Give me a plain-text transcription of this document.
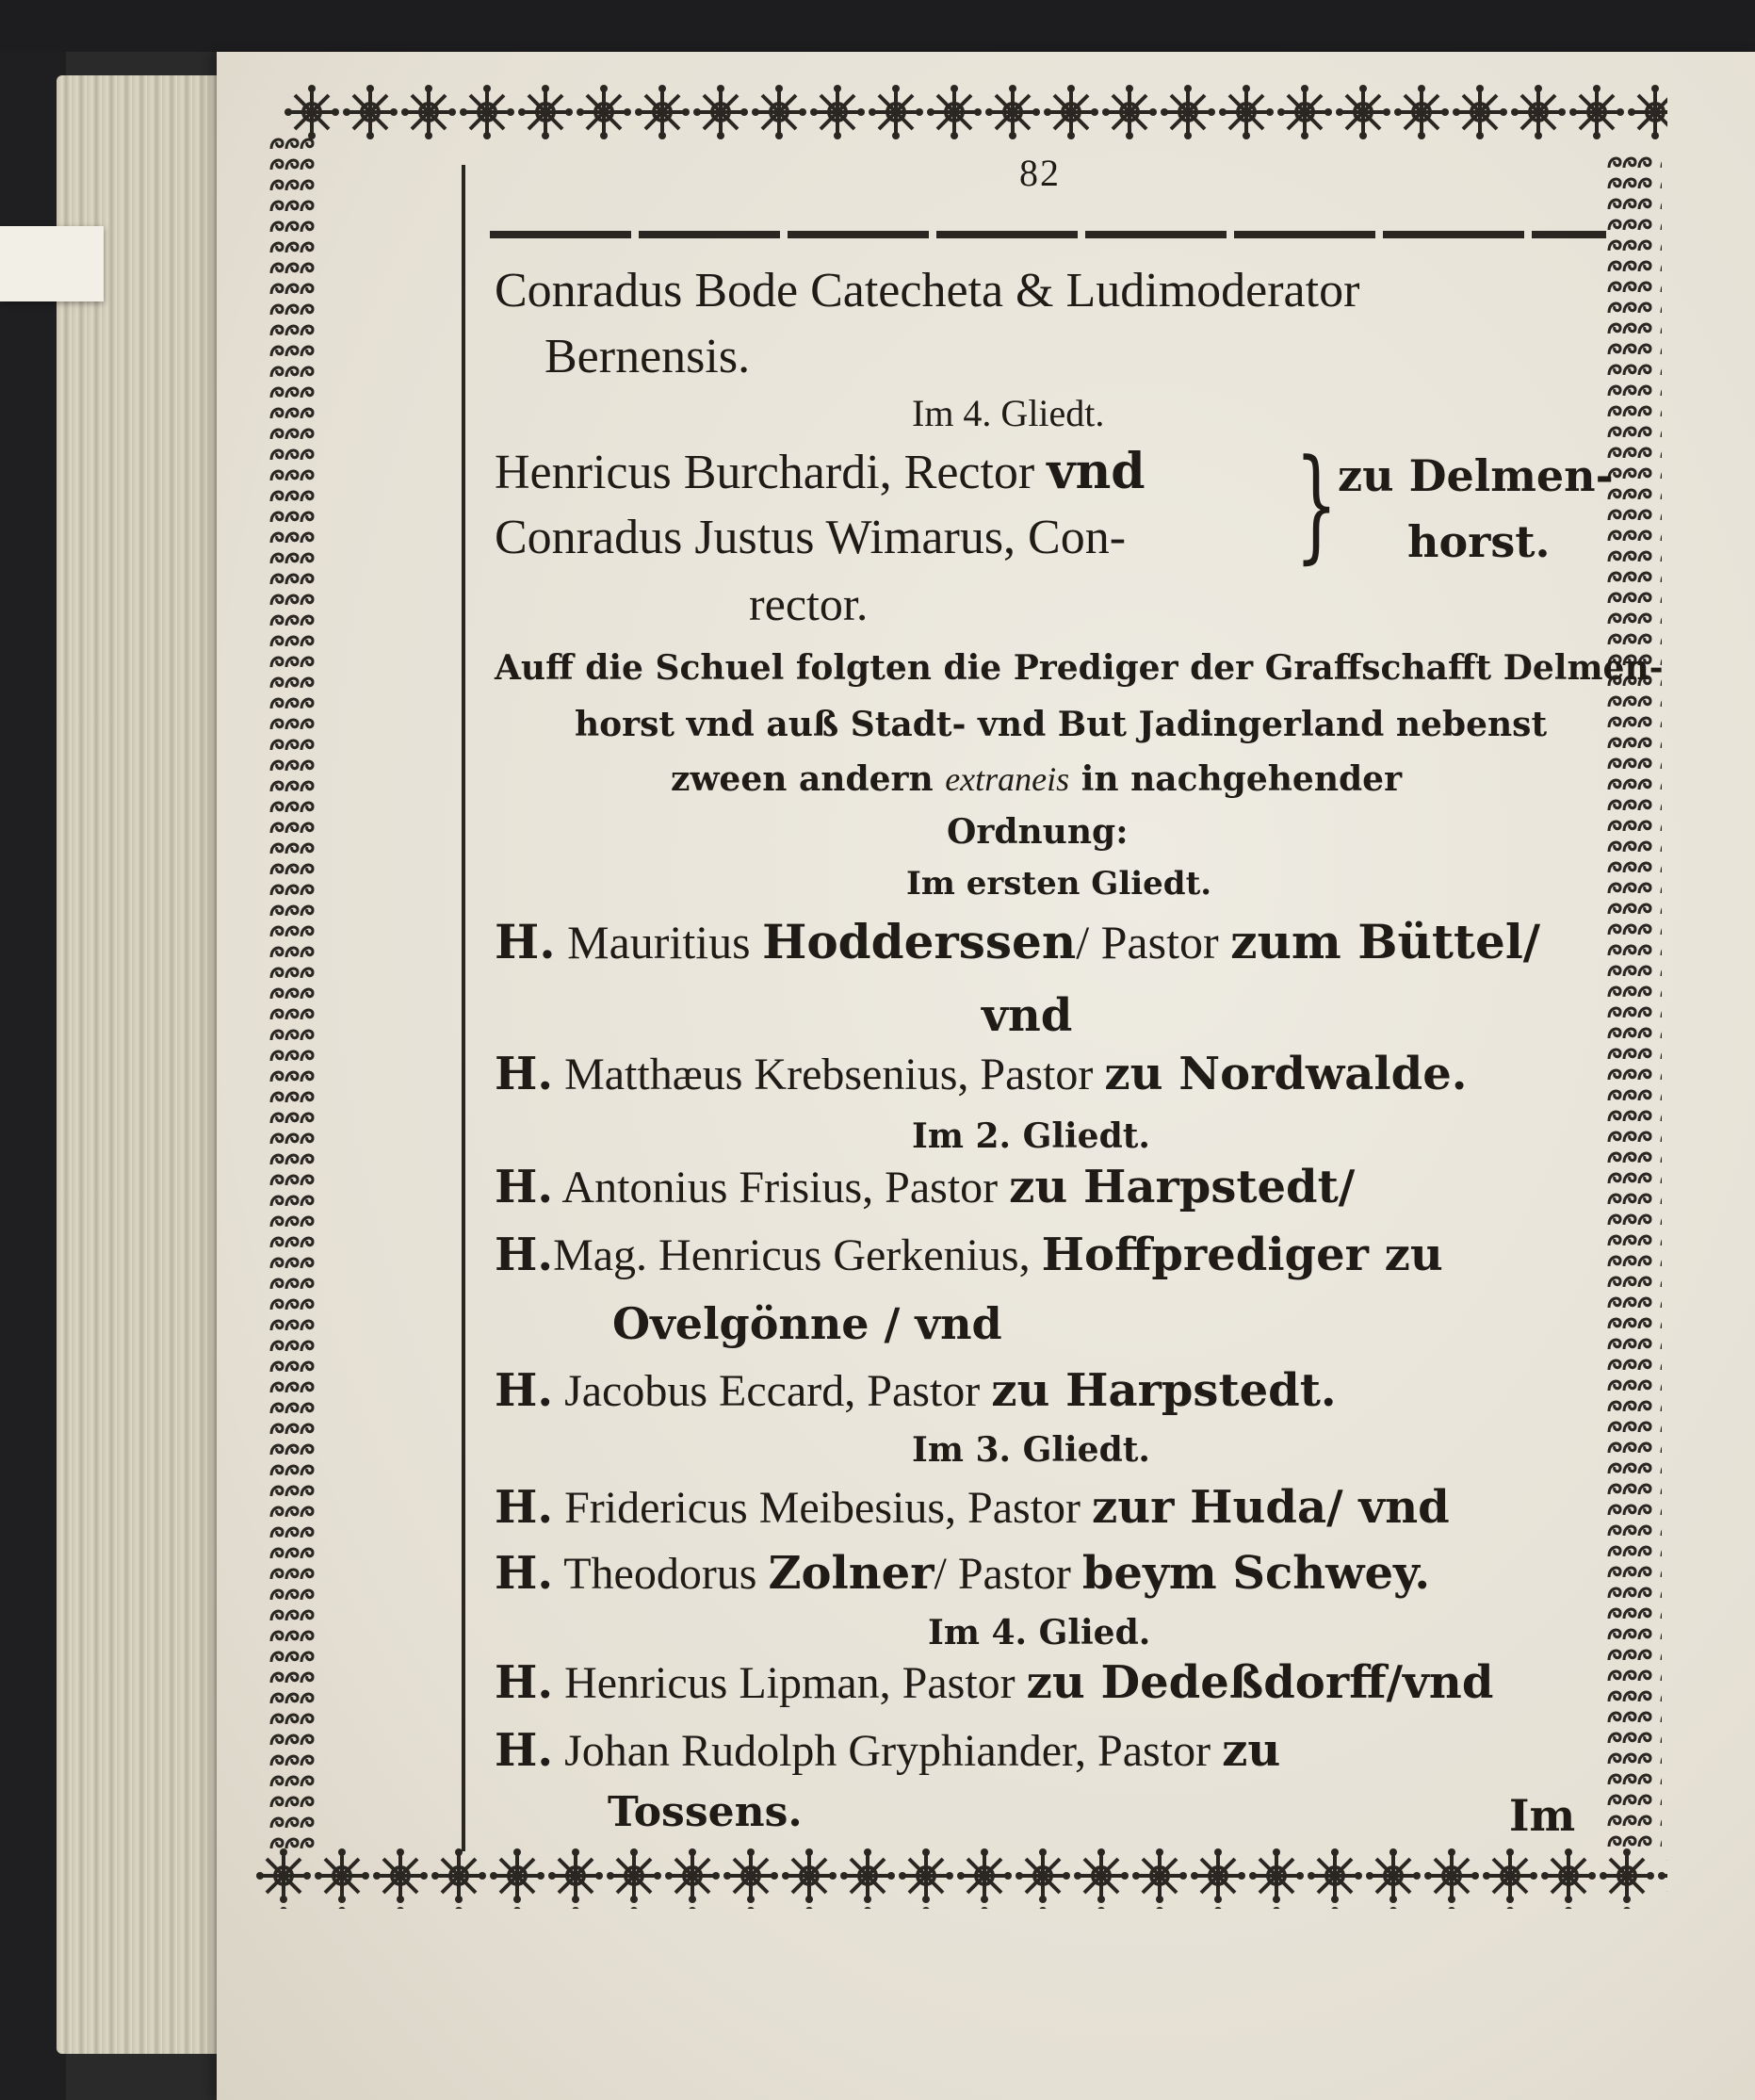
82
}
Conradus Bode Catecheta & Ludimoderator
Bernensis.
Im 4. Gliedt.
Henricus Burchardi, Rector vnd	zu Delmen-
Conradus Justus Wimarus, Con-	horst.
rector.
Auff die Schuel folgten die Prediger der Graffschafft Delmen-
horst vnd auß Stadt- vnd But Jadingerland nebenst
zween andern extraneis in nachgehender
Ordnung:
Im ersten Gliedt.
H. Mauritius Hodderssen/ Pastor zum Büttel/
vnd
H. Matthæus Krebsenius, Pastor zu Nordwalde.
Im 2. Gliedt.
H. Antonius Frisius, Pastor zu Harpstedt/
H.Mag. Henricus Gerkenius, Hoffprediger zu
Ovelgönne / vnd
H. Jacobus Eccard, Pastor zu Harpstedt.
Im 3. Gliedt.
H. Fridericus Meibesius, Pastor zur Huda/ vnd
H. Theodorus Zolner/ Pastor beym Schwey.
Im 4. Glied.
H. Henricus Lipman, Pastor zu Dedeßdorff/vnd
H. Johan Rudolph Gryphiander, Pastor zu
Tossens.	Im
